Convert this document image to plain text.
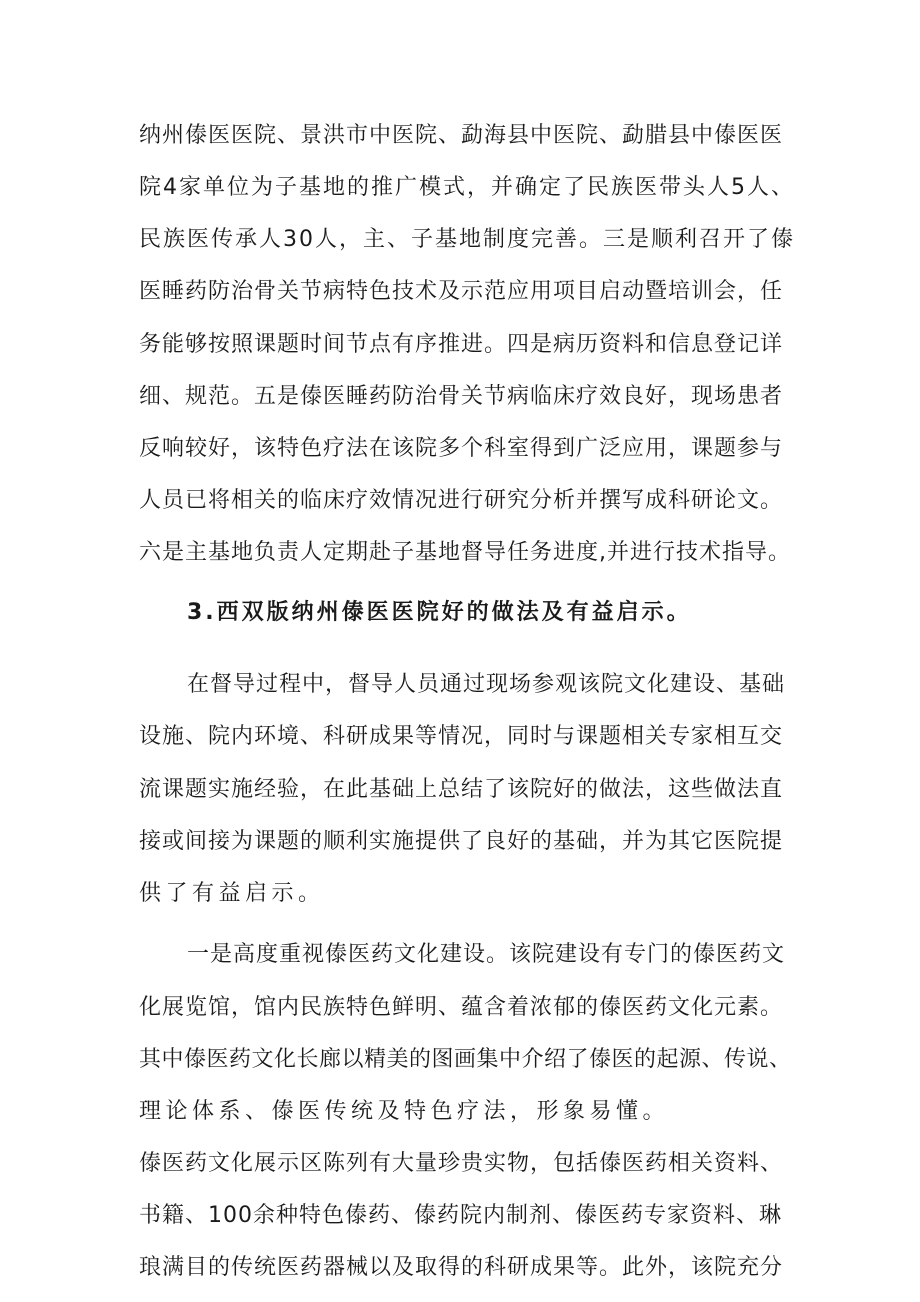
纳州傣医医院、景洪市中医院、勐海县中医院、勐腊县中傣医医
院4家单位为子基地的推广模式，并确定了民族医带头人5人、
民族医传承人30人，主、子基地制度完善。三是顺利召开了傣
医睡药防治骨关节病特色技术及示范应用项目启动暨培训会，任
务能够按照课题时间节点有序推进。四是病历资料和信息登记详
细、规范。五是傣医睡药防治骨关节病临床疗效良好，现场患者
反响较好，该特色疗法在该院多个科室得到广泛应用，课题参与
人员已将相关的临床疗效情况进行研究分析并撰写成科研论文。
六是主基地负责人定期赴子基地督导任务进度,并进行技术指导。
3.西双版纳州傣医医院好的做法及有益启示。
在督导过程中，督导人员通过现场参观该院文化建设、基础
设施、院内环境、科研成果等情况，同时与课题相关专家相互交
流课题实施经验，在此基础上总结了该院好的做法，这些做法直
接或间接为课题的顺利实施提供了良好的基础，并为其它医院提
供了有益启示。
一是高度重视傣医药文化建设。该院建设有专门的傣医药文
化展览馆，馆内民族特色鲜明、蕴含着浓郁的傣医药文化元素。
其中傣医药文化长廊以精美的图画集中介绍了傣医的起源、传说、
理论体系、傣医传统及特色疗法，形象易懂。
傣医药文化展示区陈列有大量珍贵实物，包括傣医药相关资料、
书籍、100余种特色傣药、傣药院内制剂、傣医药专家资料、琳
琅满目的传统医药器械以及取得的科研成果等。此外，该院充分
